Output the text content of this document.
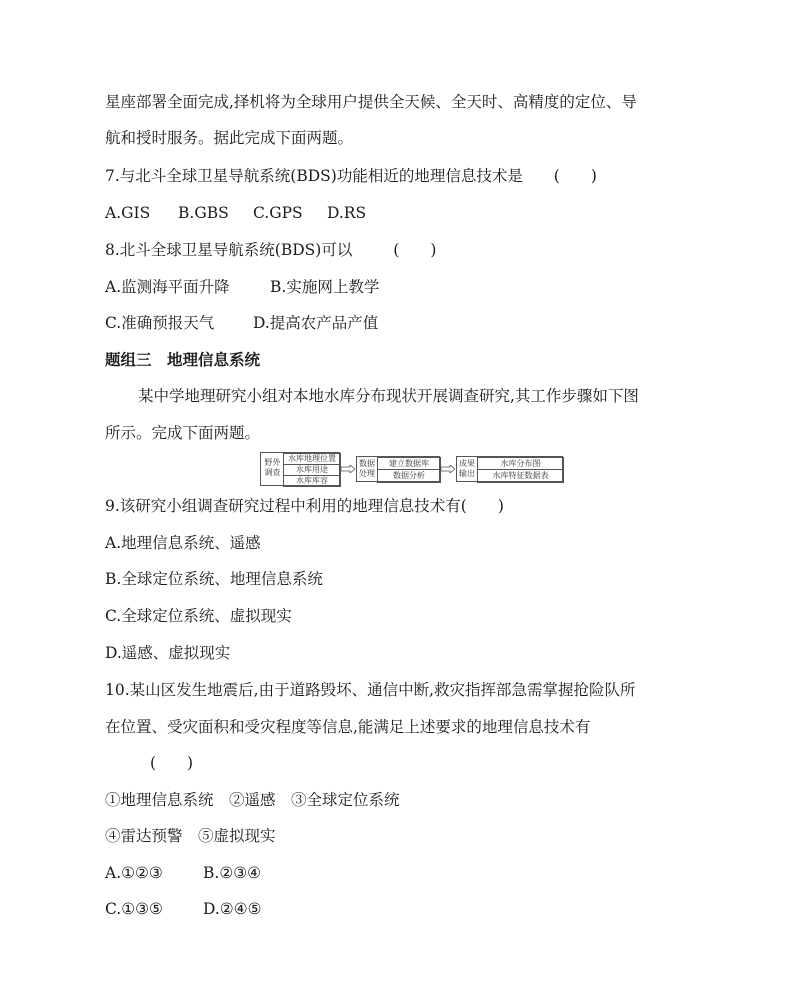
星座部署全面完成,择机将为全球用户提供全天候、全天时、高精度的定位、导
航和授时服务。据此完成下面两题。
7.与北斗全球卫星导航系统(BDS)功能相近的地理信息技术是 (　　)
A.GIS B.GBS C.GPS D.RS
8.北斗全球卫星导航系统(BDS)可以	(　　)
A.监测海平面升降	B.实施网上教学
C.准确预报天气	D.提高农产品产值
题组三　地理信息系统
某中学地理研究小组对本地水库分布现状开展调查研究,其工作步骤如下图
所示。完成下面两题。
野外
调查
水库地理位置
水库用途
水库库容
数据
处理
建立数据库
数据分析
成果
输出
水库分布图
水库特征数据表
9.该研究小组调查研究过程中利用的地理信息技术有(　　)
A.地理信息系统、遥感
B.全球定位系统、地理信息系统
C.全球定位系统、虚拟现实
D.遥感、虚拟现实
10.某山区发生地震后,由于道路毁坏、通信中断,救灾指挥部急需掌握抢险队所
在位置、受灾面积和受灾程度等信息,能满足上述要求的地理信息技术有
(　　)
①地理信息系统　②遥感　③全球定位系统
④雷达预警　⑤虚拟现实
A.①②③	B.②③④
C.①③⑤	D.②④⑤
